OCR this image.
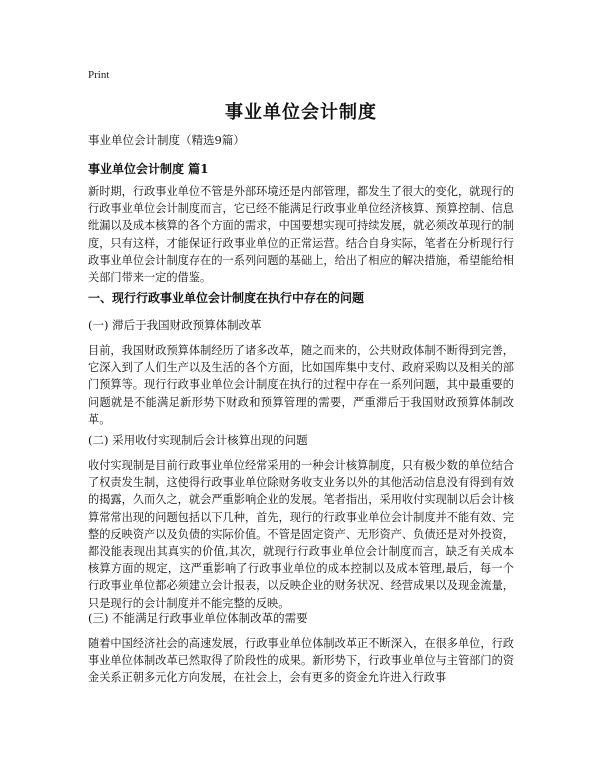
Print
事业单位会计制度
事业单位会计制度（精选9篇）
事业单位会计制度 篇1

新时期，行政事业单位不管是外部环境还是内部管理，都发生了很大的变化，就现行的行政事业单位会计制度而言，它已经不能满足行政事业单位经济核算、预算控制、信息纰漏以及成本核算的各个方面的需求，中国要想实现可持续发展，就必须改革现行的制度，只有这样，才能保证行政事业单位的正常运营。结合自身实际，笔者在分析现行行政事业单位会计制度存在的一系列问题的基础上，给出了相应的解决措施，希望能给相关部门带来一定的借鉴。

一、现行行政事业单位会计制度在执行中存在的问题
(一) 滞后于我国财政预算体制改革

目前，我国财政预算体制经历了诸多改革，随之而来的，公共财政体制不断得到完善，它深入到了人们生产以及生活的各个方面，比如国库集中支付、政府采购以及相关的部门预算等。现行行政事业单位会计制度在执行的过程中存在一系列问题，其中最重要的问题就是不能满足新形势下财政和预算管理的需要，严重滞后于我国财政预算体制改革。

(二) 采用收付实现制后会计核算出现的问题

收付实现制是目前行政事业单位经常采用的一种会计核算制度，只有极少数的单位结合了权责发生制，这使得行政事业单位除财务收支业务以外的其他活动信息没有得到有效的揭露，久而久之，就会严重影响企业的发展。笔者指出，采用收付实现制以后会计核算常常出现的问题包括以下几种，首先，现行的行政事业单位会计制度并不能有效、完整的反映资产以及负债的实际价值。不管是固定资产、无形资产、负债还是对外投资，都没能表现出其真实的价值,其次，就现行行政事业单位会计制度而言，缺乏有关成本核算方面的规定，这严重影响了行政事业单位的成本控制以及成本管理,最后，每一个行政事业单位都必须建立会计报表，以反映企业的财务状况、经营成果以及现金流量，只是现行的会计制度并不能完整的反映。

(三) 不能满足行政事业单位体制改革的需要

随着中国经济社会的高速发展，行政事业单位体制改革正不断深入，在很多单位，行政事业单位体制改革已然取得了阶段性的成果。新形势下，行政事业单位与主管部门的资金关系正朝多元化方向发展，在社会上，会有更多的资金允许进入行政事
